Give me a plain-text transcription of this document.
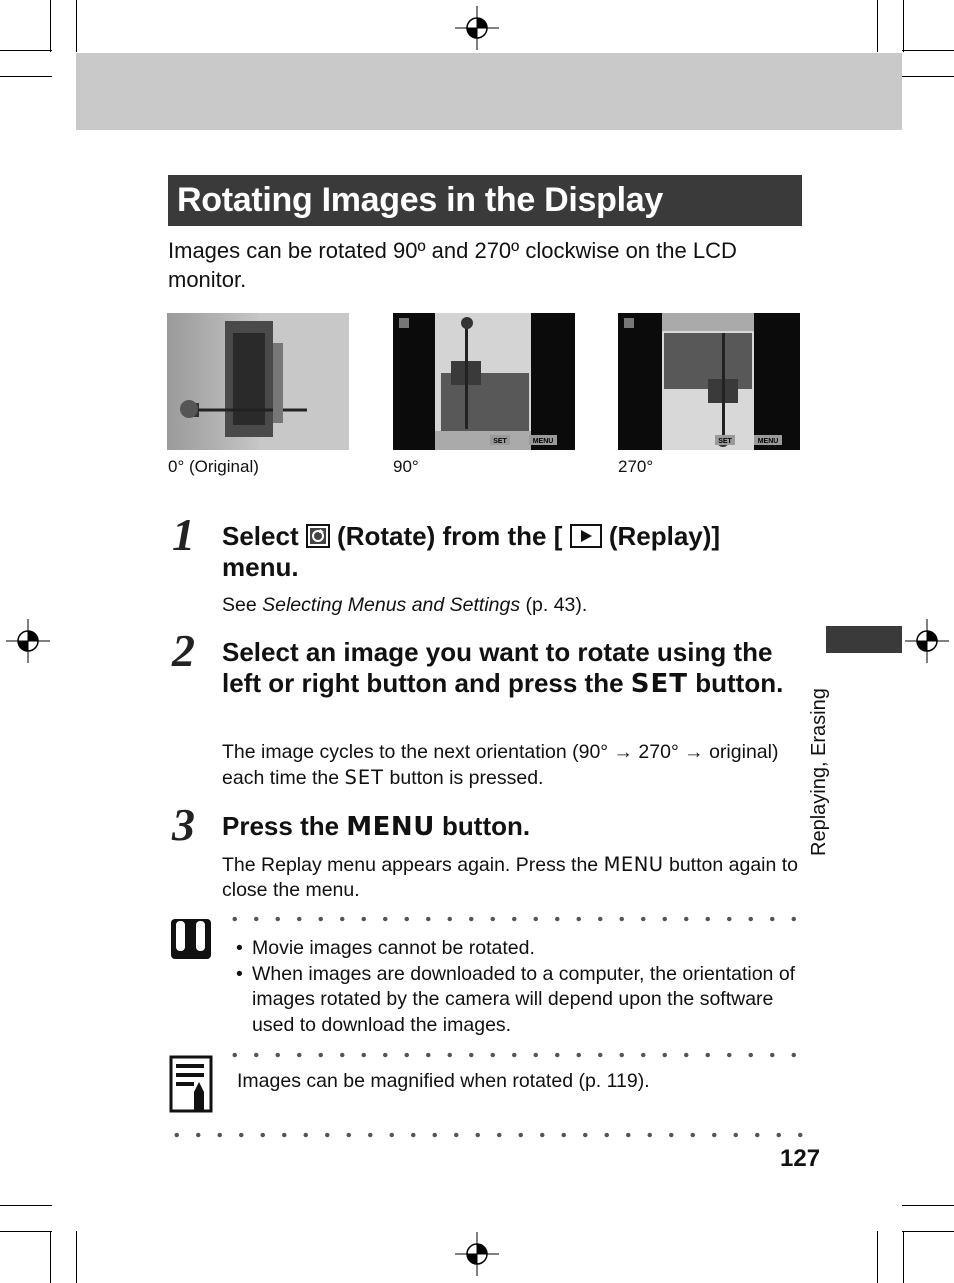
Rotating Images in the Display
Images can be rotated 90º and 270º clockwise on the LCD monitor.
SET	MENU	SET	MENU
0° (Original)	90°	270°
1 Select  (Rotate) from the [  (Replay)] menu.
See Selecting Menus and Settings (p. 43).
2 Select an image you want to rotate using the left or right button and press the SET button.
The image cycles to the next orientation (90° → 270° → original) each time the SET button is pressed.
3 Press the MENU button.
The Replay menu appears again. Press the MENU button again to close the menu.
• Movie images cannot be rotated.
• When images are downloaded to a computer, the orientation of images rotated by the camera will depend upon the software used to download the images.
Images can be magnified when rotated (p. 119).
Replaying, Erasing
127
